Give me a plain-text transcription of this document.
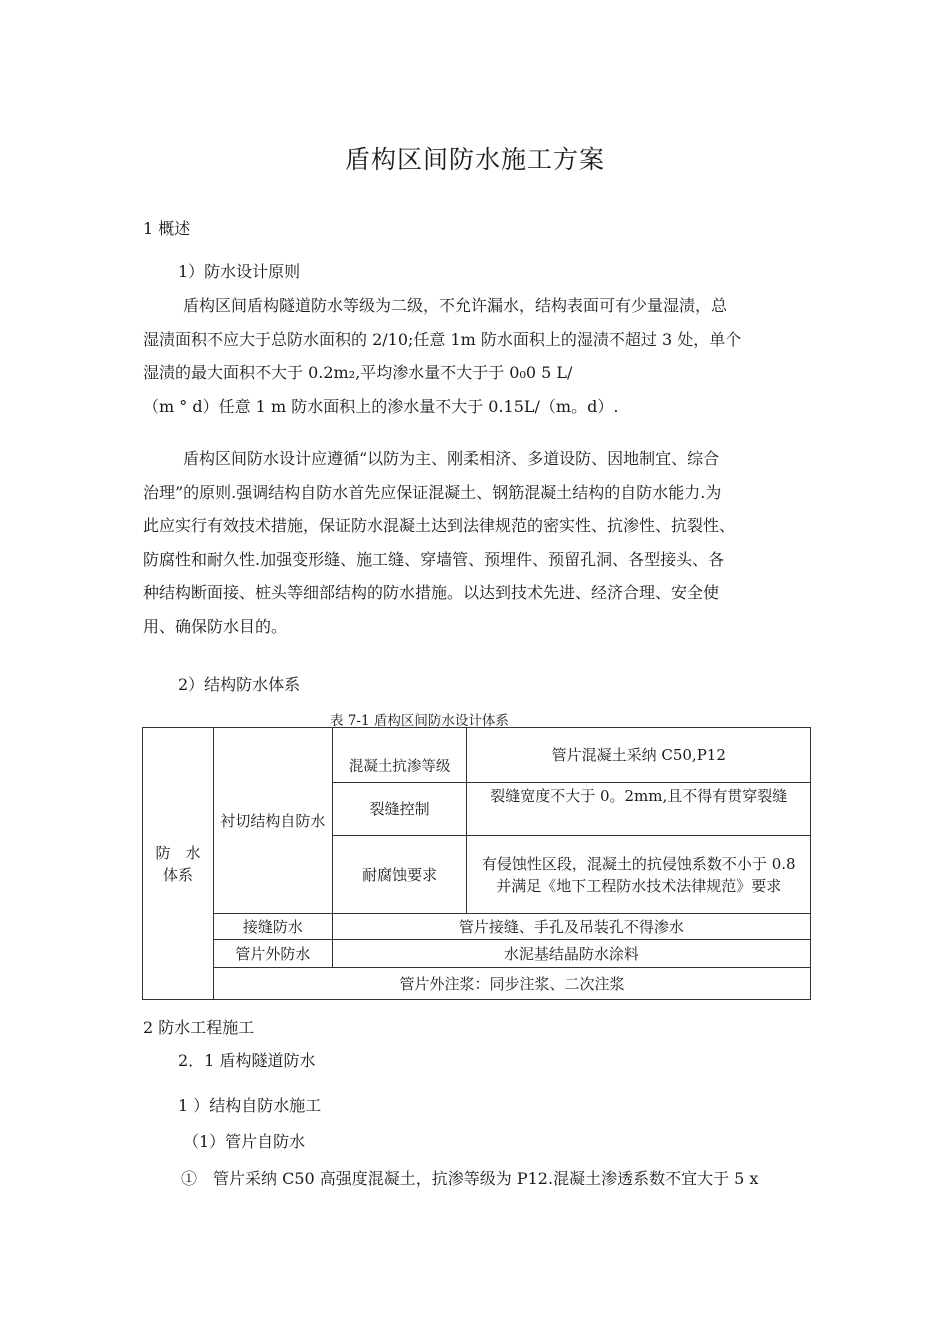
盾构区间防水施工方案
1 概述
1）防水设计原则
盾构区间盾构隧道防水等级为二级，不允许漏水，结构表面可有少量湿渍，总
湿渍面积不应大于总防水面积的 2/10;任意 1m 防水面积上的湿渍不超过 3 处，单个
湿渍的最大面积不大于 0.2m₂,平均渗水量不大于于 0₀0 5 L/
（m ° d）任意 1 m 防水面积上的渗水量不大于 0.15L/（m。d）.
盾构区间防水设计应遵循“以防为主、刚柔相济、多道设防、因地制宜、综合
治理”的原则.强调结构自防水首先应保证混凝土、钢筋混凝土结构的自防水能力.为
此应实行有效技术措施，保证防水混凝土达到法律规范的密实性、抗渗性、抗裂性、
防腐性和耐久性.加强变形缝、施工缝、穿墙管、预埋件、预留孔洞、各型接头、各
种结构断面接、桩头等细部结构的防水措施。以达到技术先进、经济合理、安全使
用、确保防水目的。
2）结构防水体系
表 7-1 盾构区间防水设计体系
防　水
体系	衬切结构自防水	混凝土抗渗等级	管片混凝土采纳 C50,P12
		裂缝控制	裂缝宽度不大于 0。2mm,且不得有贯穿裂缝
		耐腐蚀要求	有侵蚀性区段，混凝土的抗侵蚀系数不小于 0.8 并满足《地下工程防水技术法律规范》要求
	接缝防水	管片接缝、手孔及吊装孔不得渗水	
	管片外防水	水泥基结晶防水涂料	
	管片外注浆：同步注浆、二次注浆		
2 防水工程施工
2．1 盾构隧道防水
1 ）结构自防水施工
（1）管片自防水
①　管片采纳 C50 高强度混凝土，抗渗等级为 P12.混凝土渗透系数不宜大于 5 x
